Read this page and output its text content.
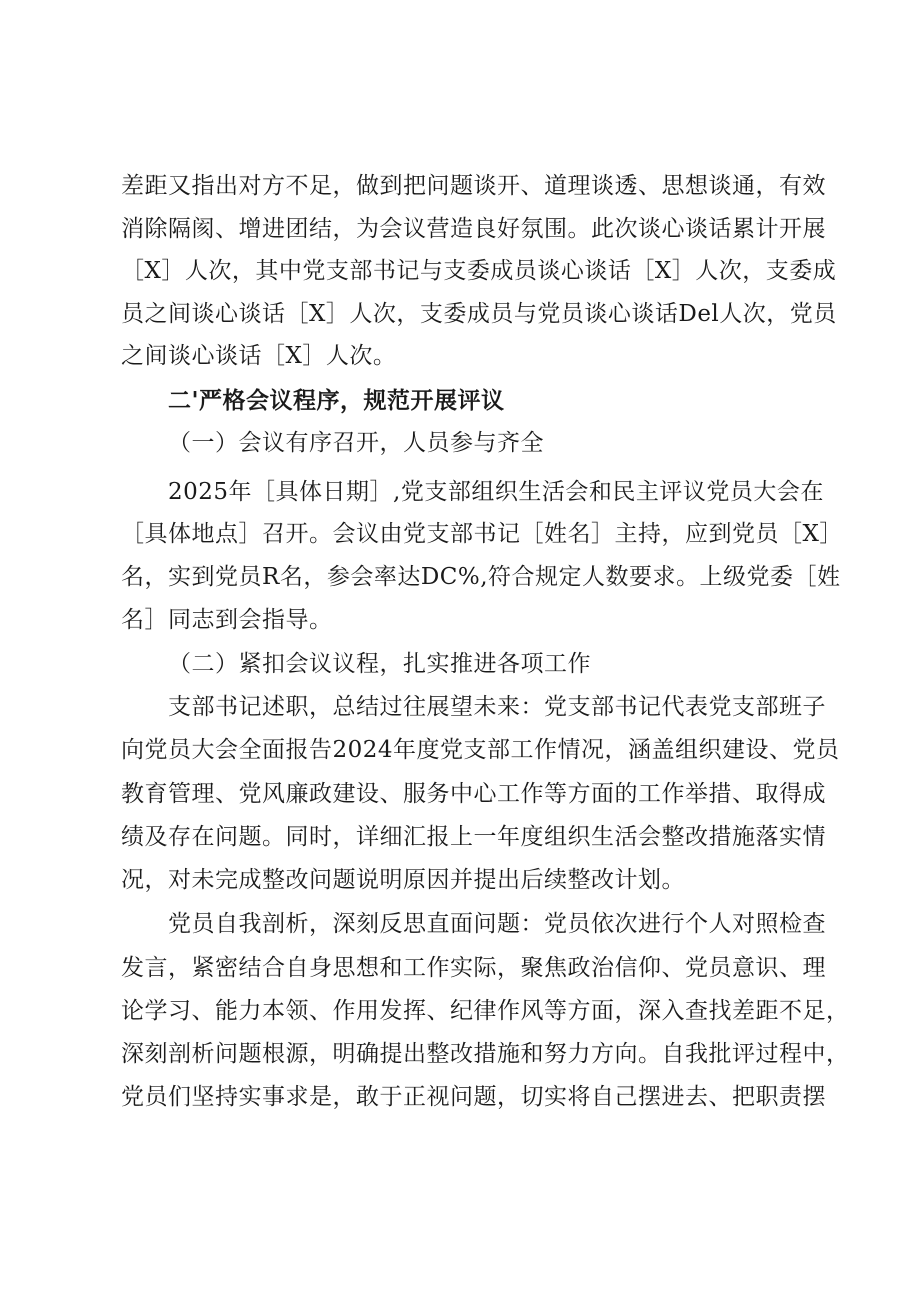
差距又指出对方不足，做到把问题谈开、道理谈透、思想谈通，有效
消除隔阂、增进团结，为会议营造良好氛围。此次谈心谈话累计开展
［X］人次，其中党支部书记与支委成员谈心谈话［X］人次，支委成
员之间谈心谈话［X］人次，支委成员与党员谈心谈话Del人次，党员
之间谈心谈话［X］人次。
二'严格会议程序，规范开展评议
（一）会议有序召开，人员参与齐全
2025年［具体日期］,党支部组织生活会和民主评议党员大会在
［具体地点］召开。会议由党支部书记［姓名］主持，应到党员［X］
名，实到党员R名，参会率达DC%,符合规定人数要求。上级党委［姓
名］同志到会指导。
（二）紧扣会议议程，扎实推进各项工作
支部书记述职，总结过往展望未来：党支部书记代表党支部班子
向党员大会全面报告2024年度党支部工作情况，涵盖组织建设、党员
教育管理、党风廉政建设、服务中心工作等方面的工作举措、取得成
绩及存在问题。同时，详细汇报上一年度组织生活会整改措施落实情
况，对未完成整改问题说明原因并提出后续整改计划。
党员自我剖析，深刻反思直面问题：党员依次进行个人对照检查
发言，紧密结合自身思想和工作实际，聚焦政治信仰、党员意识、理
论学习、能力本领、作用发挥、纪律作风等方面，深入查找差距不足，
深刻剖析问题根源，明确提出整改措施和努力方向。自我批评过程中，
党员们坚持实事求是，敢于正视问题，切实将自己摆进去、把职责摆
